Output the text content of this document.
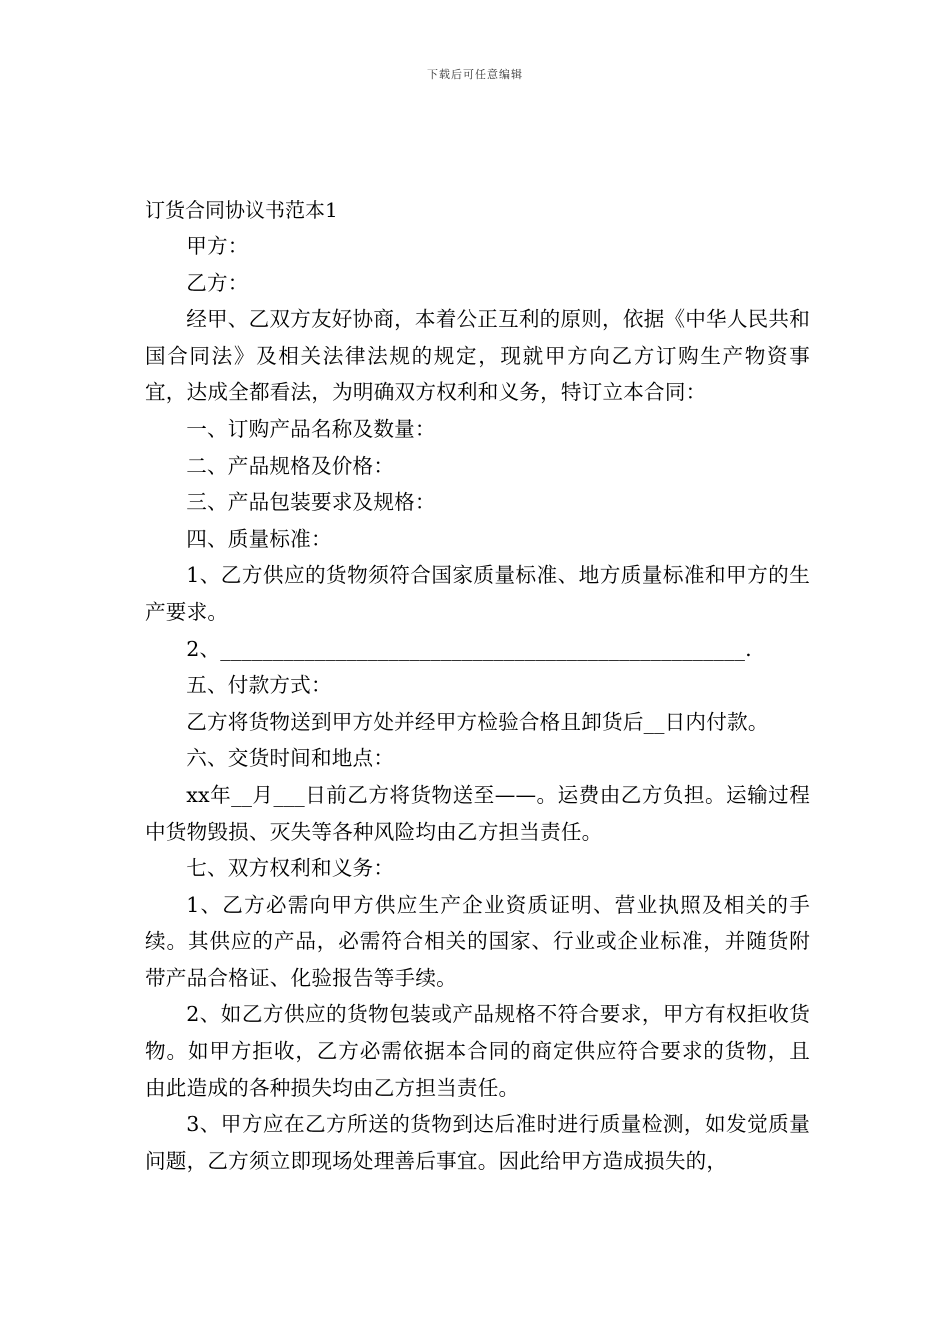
下载后可任意编辑
订货合同协议书范本1

甲方：

乙方：

经甲、乙双方友好协商，本着公正互利的原则，依据《中华人民共和国合同法》及相关法律法规的规定，现就甲方向乙方订购生产物资事宜，达成全都看法，为明确双方权利和义务，特订立本合同：

一、订购产品名称及数量：

二、产品规格及价格：

三、产品包装要求及规格：

四、质量标准：

1、乙方供应的货物须符合国家质量标准、地方质量标准和甲方的生产要求。

2、__________________________________________________.

五、付款方式：

乙方将货物送到甲方处并经甲方检验合格且卸货后__日内付款。

六、交货时间和地点：

xx年__月___日前乙方将货物送至——。运费由乙方负担。运输过程中货物毁损、灭失等各种风险均由乙方担当责任。

七、双方权利和义务：

1、乙方必需向甲方供应生产企业资质证明、营业执照及相关的手续。其供应的产品，必需符合相关的国家、行业或企业标准，并随货附带产品合格证、化验报告等手续。

2、如乙方供应的货物包装或产品规格不符合要求，甲方有权拒收货物。如甲方拒收，乙方必需依据本合同的商定供应符合要求的货物，且由此造成的各种损失均由乙方担当责任。

3、甲方应在乙方所送的货物到达后准时进行质量检测，如发觉质量问题，乙方须立即现场处理善后事宜。因此给甲方造成损失的，
